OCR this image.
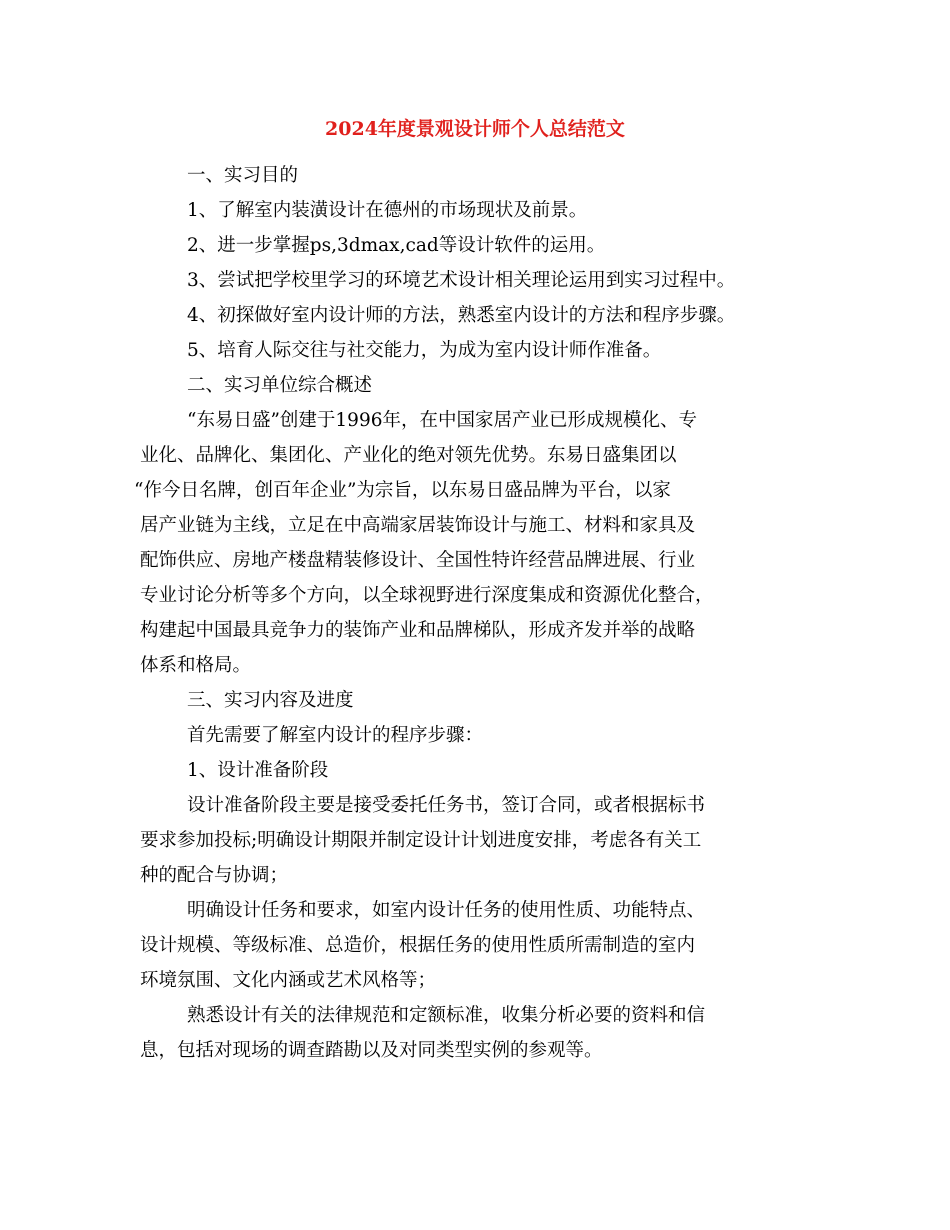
2024年度景观设计师个人总结范文
一、实习目的
1、了解室内装潢设计在德州的市场现状及前景。
2、进一步掌握ps,3dmax,cad等设计软件的运用。
3、尝试把学校里学习的环境艺术设计相关理论运用到实习过程中。
4、初探做好室内设计师的方法，熟悉室内设计的方法和程序步骤。
5、培育人际交往与社交能力，为成为室内设计师作准备。
二、实习单位综合概述
“东易日盛”创建于1996年，在中国家居产业已形成规模化、专
业化、品牌化、集团化、产业化的绝对领先优势。东易日盛集团以
“作今日名牌，创百年企业”为宗旨，以东易日盛品牌为平台，以家
居产业链为主线，立足在中高端家居装饰设计与施工、材料和家具及
配饰供应、房地产楼盘精装修设计、全国性特许经营品牌进展、行业
专业讨论分析等多个方向，以全球视野进行深度集成和资源优化整合，
构建起中国最具竞争力的装饰产业和品牌梯队，形成齐发并举的战略
体系和格局。
三、实习内容及进度
首先需要了解室内设计的程序步骤：
1、设计准备阶段
设计准备阶段主要是接受委托任务书，签订合同，或者根据标书
要求参加投标;明确设计期限并制定设计计划进度安排，考虑各有关工
种的配合与协调；
明确设计任务和要求，如室内设计任务的使用性质、功能特点、
设计规模、等级标准、总造价，根据任务的使用性质所需制造的室内
环境氛围、文化内涵或艺术风格等；
熟悉设计有关的法律规范和定额标准，收集分析必要的资料和信
息，包括对现场的调查踏勘以及对同类型实例的参观等。
